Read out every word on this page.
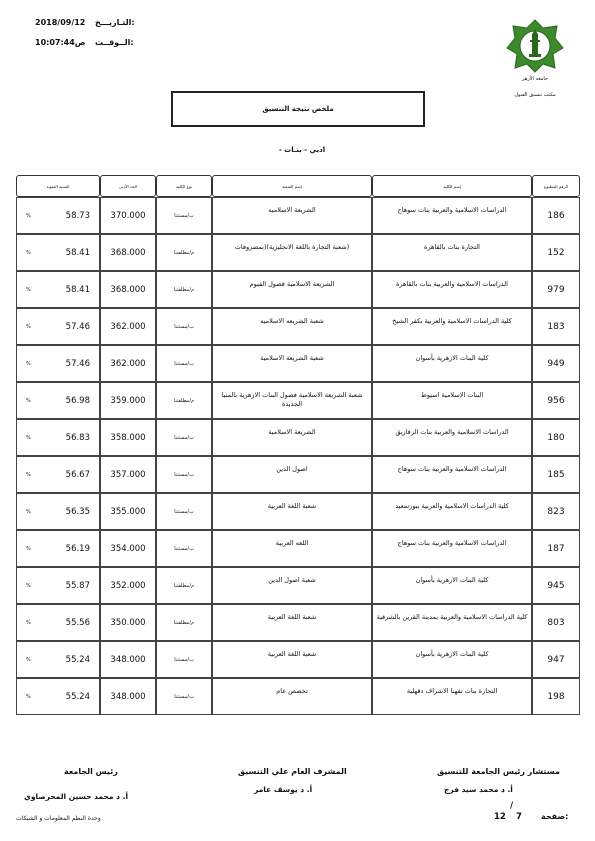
التـاريـــخ:
2018/09/12
الــوقــت:
ص10:07:44
جامعة الأزهر
مكتب تنسيق القبول
ملخص نتيجة التنسيق
- ادبي - بنـات
النسبة المئوية	الحد الأدنى	نوع الكلية	إسم الشعبة	إسم الكلية	الرقم المطبوع

% 58.73	370.000	ب/مستثنا	الشريعة الاسلاميه	الدراسات الاسلامية والعربية بنات سوهاج	186

% 58.41	368.000	م/مطلقتنا	(شعبة التجارة باللغة الانجليزية)(بمصروفات	التجارة بنات بالقاهرة	152

% 58.41	368.000	م/مطلقتنا	الشريعة الاسلامية فصول الفيوم	الدراسات الاسلامية والعربية بنات بالقاهرة	979

% 57.46	362.000	ب/مستثنا	شعبة الشريعه الاسلاميه	كلية الدراسات الاسلامية والعربية بكفر الشيخ	183

% 57.46	362.000	ب/مستثنا	شعبة الشريعة الاسلامية	كلية البنات الازهرية بأسوان	949

% 56.98	359.000	م/مطلقتنا	شعبة الشريعة الاسلامية فصول البنات الازهرية بالمنيا الجديدة	البنات الاسلامية اسيوط	956

% 56.83	358.000	ب/مستثنا	الشريعة الاسلامية	الدراسات الاسلامية والعربية بنات الزقازيق	180

% 56.67	357.000	ب/مستثنا	اصول الدين	الدراسات الاسلامية والعربية بنات سوهاج	185

% 56.35	355.000	ب/مستثنا	شعبة اللغة العربية	كلية الدراسات الاسلامية والعربية ببورسعيد	823

% 56.19	354.000	ب/مستثنا	اللغه العربية	الدراسات الاسلامية والعربية بنات سوهاج	187

% 55.87	352.000	م/مطلقتنا	شعبة اصول الدين	كلية البنات الازهرية بأسوان	945

% 55.56	350.000	م/مطلقتنا	شعبة اللغة العربية	كلية الدراسات الاسلامية والعربية بمدينة القرين بالشرقية	803

% 55.24	348.000	ب/مستثنا	شعبة اللغة العربية	كلية البنات الازهرية بأسوان	947

% 55.24	348.000	ب/مستثنا	تخصص عام	التجارة بنات تفهنا الاشراف دقهلية	198
رئيس الجامعة
أ. د محمد حسين المحرصاوي
المشرف العام علي التنسيق
أ. د يوسف عامر
مستشار رئيس الجامعة للتنسيق
أ. د محمد سيد فرج
وحدة النظم المعلومات و الشبكات	صفحة:
7
/
12
